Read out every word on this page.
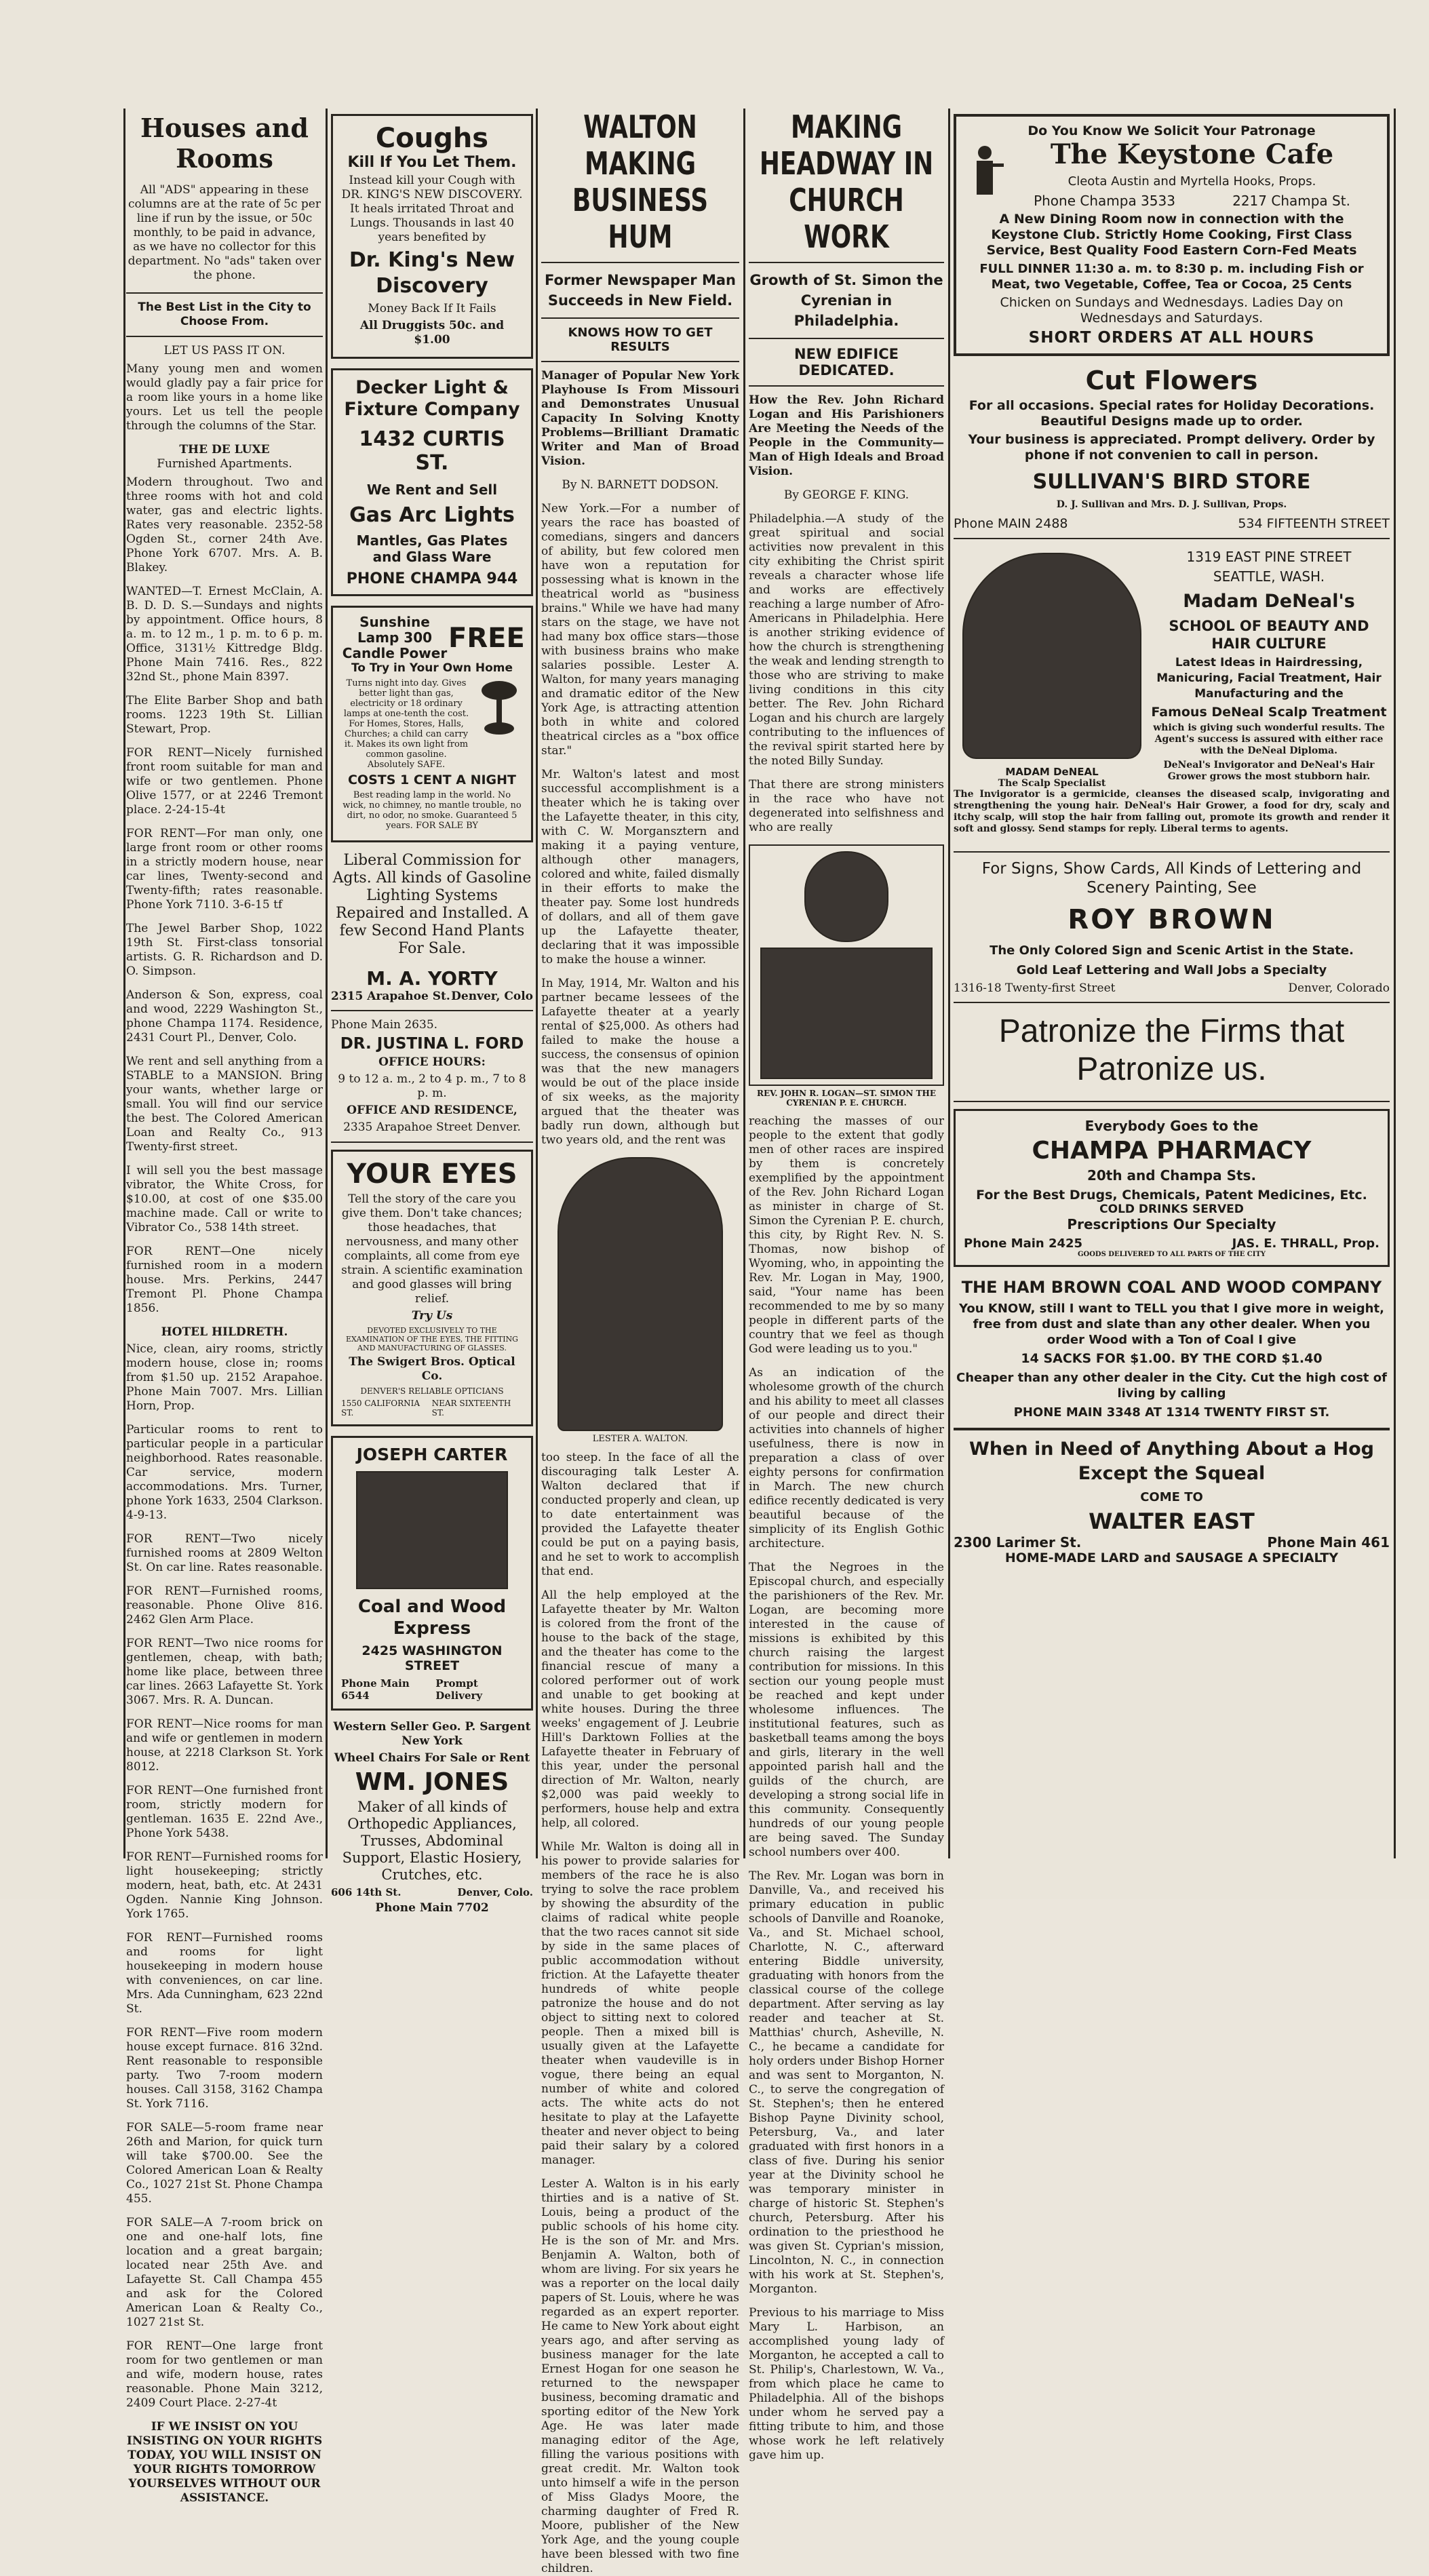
Houses and Rooms

All "ADS" appearing in these columns are at the rate of 5c per line if run by the issue, or 50c monthly, to be paid in advance, as we have no collector for this department. No "ads" taken over the phone.

The Best List in the City to Choose From.
LET US PASS IT ON.

Many young men and women would gladly pay a fair price for a room like yours in a home like yours. Let us tell the people through the columns of the Star.

THE DE LUXE
Furnished Apartments.

Modern throughout. Two and three rooms with hot and cold water, gas and electric lights. Rates very reasonable. 2352-58 Ogden St., corner 24th Ave. Phone York 6707. Mrs. A. B. Blakey.

WANTED—T. Ernest McClain, A. B. D. D. S.—Sundays and nights by appointment. Office hours, 8 a. m. to 12 m., 1 p. m. to 6 p. m. Office, 3131½ Kittredge Bldg. Phone Main 7416. Res., 822 32nd St., phone Main 8397.

The Elite Barber Shop and bath rooms. 1223 19th St. Lillian Stewart, Prop.

FOR RENT—Nicely furnished front room suitable for man and wife or two gentlemen. Phone Olive 1577, or at 2246 Tremont place. 2-24-15-4t

FOR RENT—For man only, one large front room or other rooms in a strictly modern house, near car lines, Twenty-second and Twenty-fifth; rates reasonable. Phone York 7110. 3-6-15 tf

The Jewel Barber Shop, 1022 19th St. First-class tonsorial artists. G. R. Richardson and D. O. Simpson.

Anderson & Son, express, coal and wood, 2229 Washington St., phone Champa 1174. Residence, 2431 Court Pl., Denver, Colo.

We rent and sell anything from a STABLE to a MANSION. Bring your wants, whether large or small. You will find our service the best. The Colored American Loan and Realty Co., 913 Twenty-first street.

I will sell you the best massage vibrator, the White Cross, for $10.00, at cost of one $35.00 machine made. Call or write to Vibrator Co., 538 14th street.

FOR RENT—One nicely furnished room in a modern house. Mrs. Perkins, 2447 Tremont Pl. Phone Champa 1856.

HOTEL HILDRETH.

Nice, clean, airy rooms, strictly modern house, close in; rooms from $1.50 up. 2152 Arapahoe. Phone Main 7007. Mrs. Lillian Horn, Prop.

Particular rooms to rent to particular people in a particular neighborhood. Rates reasonable. Car service, modern accommodations. Mrs. Turner, phone York 1633, 2504 Clarkson. 4-9-13.

FOR RENT—Two nicely furnished rooms at 2809 Welton St. On car line. Rates reasonable.

FOR RENT—Furnished rooms, reasonable. Phone Olive 816. 2462 Glen Arm Place.

FOR RENT—Two nice rooms for gentlemen, cheap, with bath; home like place, between three car lines. 2663 Lafayette St. York 3067. Mrs. R. A. Duncan.

FOR RENT—Nice rooms for man and wife or gentlemen in modern house, at 2218 Clarkson St. York 8012.

FOR RENT—One furnished front room, strictly modern for gentleman. 1635 E. 22nd Ave., Phone York 5438.

FOR RENT—Furnished rooms for light housekeeping; strictly modern, heat, bath, etc. At 2431 Ogden. Nannie King Johnson. York 1765.

FOR RENT—Furnished rooms and rooms for light housekeeping in modern house with conveniences, on car line. Mrs. Ada Cunningham, 623 22nd St.

FOR RENT—Five room modern house except furnace. 816 32nd. Rent reasonable to responsible party. Two 7-room modern houses. Call 3158, 3162 Champa St. York 7116.

FOR SALE—5-room frame near 26th and Marion, for quick turn will take $700.00. See the Colored American Loan & Realty Co., 1027 21st St. Phone Champa 455.

FOR SALE—A 7-room brick on one and one-half lots, fine location and a great bargain; located near 25th Ave. and Lafayette St. Call Champa 455 and ask for the Colored American Loan & Realty Co., 1027 21st St.

FOR RENT—One large front room for two gentlemen or man and wife, modern house, rates reasonable. Phone Main 3212, 2409 Court Place. 2-27-4t

IF WE INSIST ON YOU INSISTING ON YOUR RIGHTS TODAY, YOU WILL INSIST ON YOUR RIGHTS TOMORROW YOURSELVES WITHOUT OUR ASSISTANCE.

Coughs
Kill If You Let Them.

Instead kill your Cough with DR. KING'S NEW DISCOVERY. It heals irritated Throat and Lungs. Thousands in last 40 years benefited by

Dr. King's New Discovery

Money Back If It Fails

All Druggists 50c. and $1.00

Decker Light & Fixture Company
1432 CURTIS ST.
We Rent and Sell
Gas Arc Lights
Mantles, Gas Plates and Glass Ware
PHONE CHAMPA 944
Sunshine Lamp 300 Candle Power FREE
To Try in Your Own Home

Turns night into day. Gives better light than gas, electricity or 18 ordinary lamps at one-tenth the cost. For Homes, Stores, Halls, Churches; a child can carry it. Makes its own light from common gasoline. Absolutely SAFE.

COSTS 1 CENT A NIGHT

Best reading lamp in the world. No wick, no chimney, no mantle trouble, no dirt, no odor, no smoke. Guaranteed 5 years. FOR SALE BY

Liberal Commission for Agts. All kinds of Gasoline Lighting Systems Repaired and Installed. A few Second Hand Plants For Sale.

M. A. YORTY
2315 Arapahoe St. Denver, Colo

Phone Main 2635.

DR. JUSTINA L. FORD

OFFICE HOURS:

9 to 12 a. m., 2 to 4 p. m., 7 to 8 p. m.

OFFICE AND RESIDENCE,

2335 Arapahoe Street Denver.

YOUR EYES

Tell the story of the care you give them. Don't take chances; those headaches, that nervousness, and many other complaints, all come from eye strain. A scientific examination and good glasses will bring relief.

Try Us

DEVOTED EXCLUSIVELY TO THE EXAMINATION OF THE EYES, THE FITTING AND MANUFACTURING OF GLASSES.

The Swigert Bros. Optical Co.

DENVER'S RELIABLE OPTICIANS

1550 CALIFORNIA ST.
NEAR SIXTEENTH ST.
JOSEPH CARTER
Coal and Wood Express
2425 WASHINGTON STREET
Phone Main 6544
Prompt Delivery

Western Seller Geo. P. Sargent New York

Wheel Chairs For Sale or Rent

WM. JONES

Maker of all kinds of Orthopedic Appliances, Trusses, Abdominal Support, Elastic Hosiery, Crutches, etc.

606 14th St.	Denver, Colo.

Phone Main 7702

WALTON MAKING BUSINESS HUM
Former Newspaper Man Succeeds in New Field.
KNOWS HOW TO GET RESULTS

Manager of Popular New York Playhouse Is From Missouri and Demonstrates Unusual Capacity In Solving Knotty Problems—Brilliant Dramatic Writer and Man of Broad Vision.

By N. BARNETT DODSON.

New York.—For a number of years the race has boasted of comedians, singers and dancers of ability, but few colored men have won a reputation for possessing what is known in the theatrical world as "business brains." While we have had many stars on the stage, we have not had many box office stars—those with business brains who make salaries possible. Lester A. Walton, for many years managing and dramatic editor of the New York Age, is attracting attention both in white and colored theatrical circles as a "box office star."

Mr. Walton's latest and most successful accomplishment is a theater which he is taking over the Lafayette theater, in this city, with C. W. Morgansztern and making it a paying venture, although other managers, colored and white, failed dismally in their efforts to make the theater pay. Some lost hundreds of dollars, and all of them gave up the Lafayette theater, declaring that it was impossible to make the house a winner.

In May, 1914, Mr. Walton and his partner became lessees of the Lafayette theater at a yearly rental of $25,000. As others had failed to make the house a success, the consensus of opinion was that the new managers would be out of the place inside of six weeks, as the majority argued that the theater was badly run down, although but two years old, and the rent was

LESTER A. WALTON.

too steep. In the face of all the discouraging talk Lester A. Walton declared that if conducted properly and clean, up to date entertainment was provided the Lafayette theater could be put on a paying basis, and he set to work to accomplish that end.

All the help employed at the Lafayette theater by Mr. Walton is colored from the front of the house to the back of the stage, and the theater has come to the financial rescue of many a colored performer out of work and unable to get booking at white houses. During the three weeks' engagement of J. Leubrie Hill's Darktown Follies at the Lafayette theater in February of this year, under the personal direction of Mr. Walton, nearly $2,000 was paid weekly to performers, house help and extra help, all colored.

While Mr. Walton is doing all in his power to provide salaries for members of the race he is also trying to solve the race problem by showing the absurdity of the claims of radical white people that the two races cannot sit side by side in the same places of public accommodation without friction. At the Lafayette theater hundreds of white people patronize the house and do not object to sitting next to colored people. Then a mixed bill is usually given at the Lafayette theater when vaudeville is in vogue, there being an equal number of white and colored acts. The white acts do not hesitate to play at the Lafayette theater and never object to being paid their salary by a colored manager.

Lester A. Walton is in his early thirties and is a native of St. Louis, being a product of the public schools of his home city. He is the son of Mr. and Mrs. Benjamin A. Walton, both of whom are living. For six years he was a reporter on the local daily papers of St. Louis, where he was regarded as an expert reporter. He came to New York about eight years ago, and after serving as business manager for the late Ernest Hogan for one season he returned to the newspaper business, becoming dramatic and sporting editor of the New York Age. He was later made managing editor of the Age, filling the various positions with great credit. Mr. Walton took unto himself a wife in the person of Miss Gladys Moore, the charming daughter of Fred R. Moore, publisher of the New York Age, and the young couple have been blessed with two fine children.

MAKING HEADWAY IN CHURCH WORK
Growth of St. Simon the Cyrenian in Philadelphia.
NEW EDIFICE DEDICATED.

How the Rev. John Richard Logan and His Parishioners Are Meeting the Needs of the People in the Community—Man of High Ideals and Broad Vision.

By GEORGE F. KING.

Philadelphia.—A study of the great spiritual and social activities now prevalent in this city exhibiting the Christ spirit reveals a character whose life and works are effectively reaching a large number of Afro-Americans in Philadelphia. Here is another striking evidence of how the church is strengthening the weak and lending strength to those who are striving to make living conditions in this city better. The Rev. John Richard Logan and his church are largely contributing to the influences of the revival spirit started here by the noted Billy Sunday.

That there are strong ministers in the race who have not degenerated into selfishness and who are really

REV. JOHN R. LOGAN—ST. SIMON THE CYRENIAN P. E. CHURCH.

reaching the masses of our people to the extent that godly men of other races are inspired by them is concretely exemplified by the appointment of the Rev. John Richard Logan as minister in charge of St. Simon the Cyrenian P. E. church, this city, by Right Rev. N. S. Thomas, now bishop of Wyoming, who, in appointing the Rev. Mr. Logan in May, 1900, said, "Your name has been recommended to me by so many people in different parts of the country that we feel as though God were leading us to you."

As an indication of the wholesome growth of the church and his ability to meet all classes of our people and direct their activities into channels of higher usefulness, there is now in preparation a class of over eighty persons for confirmation in March. The new church edifice recently dedicated is very beautiful because of the simplicity of its English Gothic architecture.

That the Negroes in the Episcopal church, and especially the parishioners of the Rev. Mr. Logan, are becoming more interested in the cause of missions is exhibited by this church raising the largest contribution for missions. In this section our young people must be reached and kept under wholesome influences. The institutional features, such as basketball teams among the boys and girls, literary in the well appointed parish hall and the guilds of the church, are developing a strong social life in this community. Consequently hundreds of our young people are being saved. The Sunday school numbers over 400.

The Rev. Mr. Logan was born in Danville, Va., and received his primary education in public schools of Danville and Roanoke, Va., and St. Michael school, Charlotte, N. C., afterward entering Biddle university, graduating with honors from the classical course of the college department. After serving as lay reader and teacher at St. Matthias' church, Asheville, N. C., he became a candidate for holy orders under Bishop Horner and was sent to Morganton, N. C., to serve the congregation of St. Stephen's; then he entered Bishop Payne Divinity school, Petersburg, Va., and later graduated with first honors in a class of five. During his senior year at the Divinity school he was temporary minister in charge of historic St. Stephen's church, Petersburg. After his ordination to the priesthood he was given St. Cyprian's mission, Lincolnton, N. C., in connection with his work at St. Stephen's, Morganton.

Previous to his marriage to Miss Mary L. Harbison, an accomplished young lady of Morganton, he accepted a call to St. Philip's, Charlestown, W. Va., from which place he came to Philadelphia. All of the bishops under whom he served pay a fitting tribute to him, and those whose work he left relatively gave him up.

Do You Know We Solicit Your Patronage
The Keystone Cafe

Cleota Austin and Myrtella Hooks, Props.

Phone Champa 3533	2217 Champa St.

A New Dining Room now in connection with the Keystone Club. Strictly Home Cooking, First Class Service, Best Quality Food Eastern Corn-Fed Meats

FULL DINNER 11:30 a. m. to 8:30 p. m. including Fish or Meat, two Vegetable, Coffee, Tea or Cocoa, 25 Cents

Chicken on Sundays and Wednesdays. Ladies Day on Wednesdays and Saturdays.

SHORT ORDERS AT ALL HOURS
Cut Flowers

For all occasions. Special rates for Holiday Decorations. Beautiful Designs made up to order.

Your business is appreciated. Prompt delivery. Order by phone if not convenien to call in person.

SULLIVAN'S BIRD STORE

D. J. Sullivan and Mrs. D. J. Sullivan, Props.

Phone MAIN 2488	534 FIFTEENTH STREET
MADAM DeNEAL
The Scalp Specialist

1319 EAST PINE STREET

SEATTLE, WASH.

Madam DeNeal's

SCHOOL OF BEAUTY AND HAIR CULTURE

Latest Ideas in Hairdressing, Manicuring, Facial Treatment, Hair Manufacturing and the

Famous DeNeal Scalp Treatment

which is giving such wonderful results. The Agent's success is assured with either race with the DeNeal Diploma.

DeNeal's Invigorator and DeNeal's Hair Grower grows the most stubborn hair.

The Invigorator is a germicide, cleanses the diseased scalp, invigorating and strengthening the young hair. DeNeal's Hair Grower, a food for dry, scaly and itchy scalp, will stop the hair from falling out, promote its growth and render it soft and glossy. Send stamps for reply. Liberal terms to agents.

For Signs, Show Cards, All Kinds of Lettering and Scenery Painting, See

ROY BROWN

The Only Colored Sign and Scenic Artist in the State.

Gold Leaf Lettering and Wall Jobs a Specialty

1316-18 Twenty-first Street	Denver, Colorado
Patronize the Firms that Patronize us.
Everybody Goes to the
CHAMPA PHARMACY
20th and Champa Sts.
For the Best Drugs, Chemicals, Patent Medicines, Etc.
COLD DRINKS SERVED
Prescriptions Our Specialty
Phone Main 2425	JAS. E. THRALL, Prop.
GOODS DELIVERED TO ALL PARTS OF THE CITY
THE HAM BROWN COAL AND WOOD COMPANY

You KNOW, still I want to TELL you that I give more in weight, free from dust and slate than any other dealer. When you order Wood with a Ton of Coal I give

14 SACKS FOR $1.00. BY THE CORD $1.40

Cheaper than any other dealer in the City. Cut the high cost of living by calling

PHONE MAIN 3348 AT 1314 TWENTY FIRST ST.

When in Need of Anything About a Hog Except the Squeal
COME TO
WALTER EAST
2300 Larimer St.	Phone Main 461
HOME-MADE LARD and SAUSAGE A SPECIALTY
